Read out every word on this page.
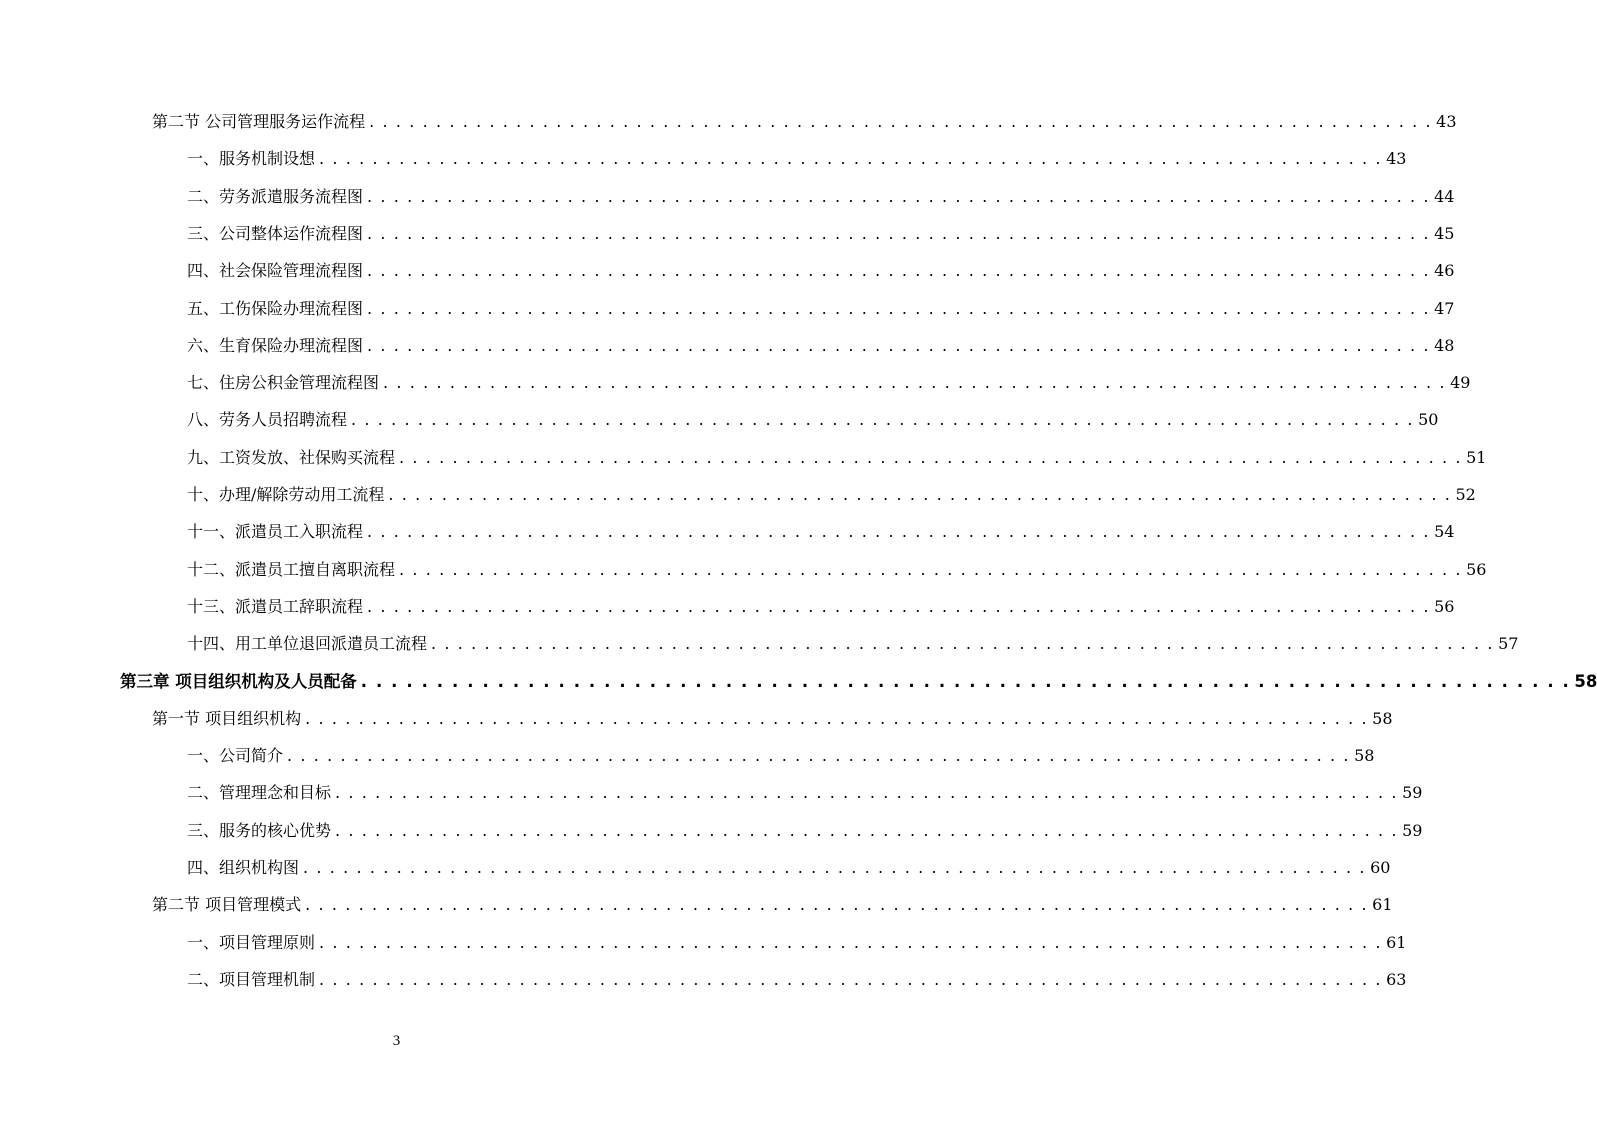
第二节 公司管理服务运作流程 . . . . . . . . . . . . . . . . . . . . . . . . . . . . . . . . . . . . . . . . . . . . . . . . . . . . . . . . . . . . . . . . . . . . . . . . . . . . . . . . 43
一、服务机制设想 . . . . . . . . . . . . . . . . . . . . . . . . . . . . . . . . . . . . . . . . . . . . . . . . . . . . . . . . . . . . . . . . . . . . . . . . . . . . . . . . 43
二、劳务派遣服务流程图 . . . . . . . . . . . . . . . . . . . . . . . . . . . . . . . . . . . . . . . . . . . . . . . . . . . . . . . . . . . . . . . . . . . . . . . . . . . . . . . . 44
三、公司整体运作流程图 . . . . . . . . . . . . . . . . . . . . . . . . . . . . . . . . . . . . . . . . . . . . . . . . . . . . . . . . . . . . . . . . . . . . . . . . . . . . . . . . 45
四、社会保险管理流程图 . . . . . . . . . . . . . . . . . . . . . . . . . . . . . . . . . . . . . . . . . . . . . . . . . . . . . . . . . . . . . . . . . . . . . . . . . . . . . . . . 46
五、工伤保险办理流程图 . . . . . . . . . . . . . . . . . . . . . . . . . . . . . . . . . . . . . . . . . . . . . . . . . . . . . . . . . . . . . . . . . . . . . . . . . . . . . . . . 47
六、生育保险办理流程图 . . . . . . . . . . . . . . . . . . . . . . . . . . . . . . . . . . . . . . . . . . . . . . . . . . . . . . . . . . . . . . . . . . . . . . . . . . . . . . . . 48
七、住房公积金管理流程图 . . . . . . . . . . . . . . . . . . . . . . . . . . . . . . . . . . . . . . . . . . . . . . . . . . . . . . . . . . . . . . . . . . . . . . . . . . . . . . . . 49
八、劳务人员招聘流程 . . . . . . . . . . . . . . . . . . . . . . . . . . . . . . . . . . . . . . . . . . . . . . . . . . . . . . . . . . . . . . . . . . . . . . . . . . . . . . . . 50
九、工资发放、社保购买流程 . . . . . . . . . . . . . . . . . . . . . . . . . . . . . . . . . . . . . . . . . . . . . . . . . . . . . . . . . . . . . . . . . . . . . . . . . . . . . . . . 51
十、办理/解除劳动用工流程 . . . . . . . . . . . . . . . . . . . . . . . . . . . . . . . . . . . . . . . . . . . . . . . . . . . . . . . . . . . . . . . . . . . . . . . . . . . . . . . . 52
十一、派遣员工入职流程 . . . . . . . . . . . . . . . . . . . . . . . . . . . . . . . . . . . . . . . . . . . . . . . . . . . . . . . . . . . . . . . . . . . . . . . . . . . . . . . . 54
十二、派遣员工擅自离职流程 . . . . . . . . . . . . . . . . . . . . . . . . . . . . . . . . . . . . . . . . . . . . . . . . . . . . . . . . . . . . . . . . . . . . . . . . . . . . . . . . 56
十三、派遣员工辞职流程 . . . . . . . . . . . . . . . . . . . . . . . . . . . . . . . . . . . . . . . . . . . . . . . . . . . . . . . . . . . . . . . . . . . . . . . . . . . . . . . . 56
十四、用工单位退回派遣员工流程 . . . . . . . . . . . . . . . . . . . . . . . . . . . . . . . . . . . . . . . . . . . . . . . . . . . . . . . . . . . . . . . . . . . . . . . . . . . . . . . . 57
第三章 项目组织机构及人员配备 . . . . . . . . . . . . . . . . . . . . . . . . . . . . . . . . . . . . . . . . . . . . . . . . . . . . . . . . . . . . . . . . . . . . . . . . . . . . . . . . 58
第一节 项目组织机构 . . . . . . . . . . . . . . . . . . . . . . . . . . . . . . . . . . . . . . . . . . . . . . . . . . . . . . . . . . . . . . . . . . . . . . . . . . . . . . . . 58
一、公司简介 . . . . . . . . . . . . . . . . . . . . . . . . . . . . . . . . . . . . . . . . . . . . . . . . . . . . . . . . . . . . . . . . . . . . . . . . . . . . . . . . 58
二、管理理念和目标 . . . . . . . . . . . . . . . . . . . . . . . . . . . . . . . . . . . . . . . . . . . . . . . . . . . . . . . . . . . . . . . . . . . . . . . . . . . . . . . . 59
三、服务的核心优势 . . . . . . . . . . . . . . . . . . . . . . . . . . . . . . . . . . . . . . . . . . . . . . . . . . . . . . . . . . . . . . . . . . . . . . . . . . . . . . . . 59
四、组织机构图 . . . . . . . . . . . . . . . . . . . . . . . . . . . . . . . . . . . . . . . . . . . . . . . . . . . . . . . . . . . . . . . . . . . . . . . . . . . . . . . . 60
第二节 项目管理模式 . . . . . . . . . . . . . . . . . . . . . . . . . . . . . . . . . . . . . . . . . . . . . . . . . . . . . . . . . . . . . . . . . . . . . . . . . . . . . . . . 61
一、项目管理原则 . . . . . . . . . . . . . . . . . . . . . . . . . . . . . . . . . . . . . . . . . . . . . . . . . . . . . . . . . . . . . . . . . . . . . . . . . . . . . . . . 61
二、项目管理机制 . . . . . . . . . . . . . . . . . . . . . . . . . . . . . . . . . . . . . . . . . . . . . . . . . . . . . . . . . . . . . . . . . . . . . . . . . . . . . . . . 63
3
